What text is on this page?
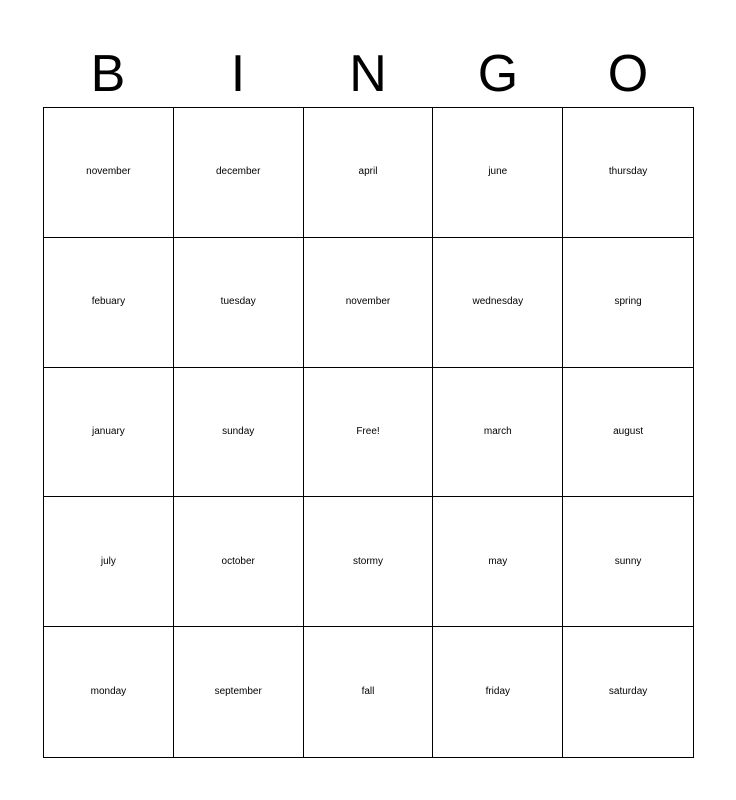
B	I	N	G	O
november	december	april	june	thursday
febuary	tuesday	november	wednesday	spring
january	sunday	Free!	march	august
july	october	stormy	may	sunny
monday	september	fall	friday	saturday
